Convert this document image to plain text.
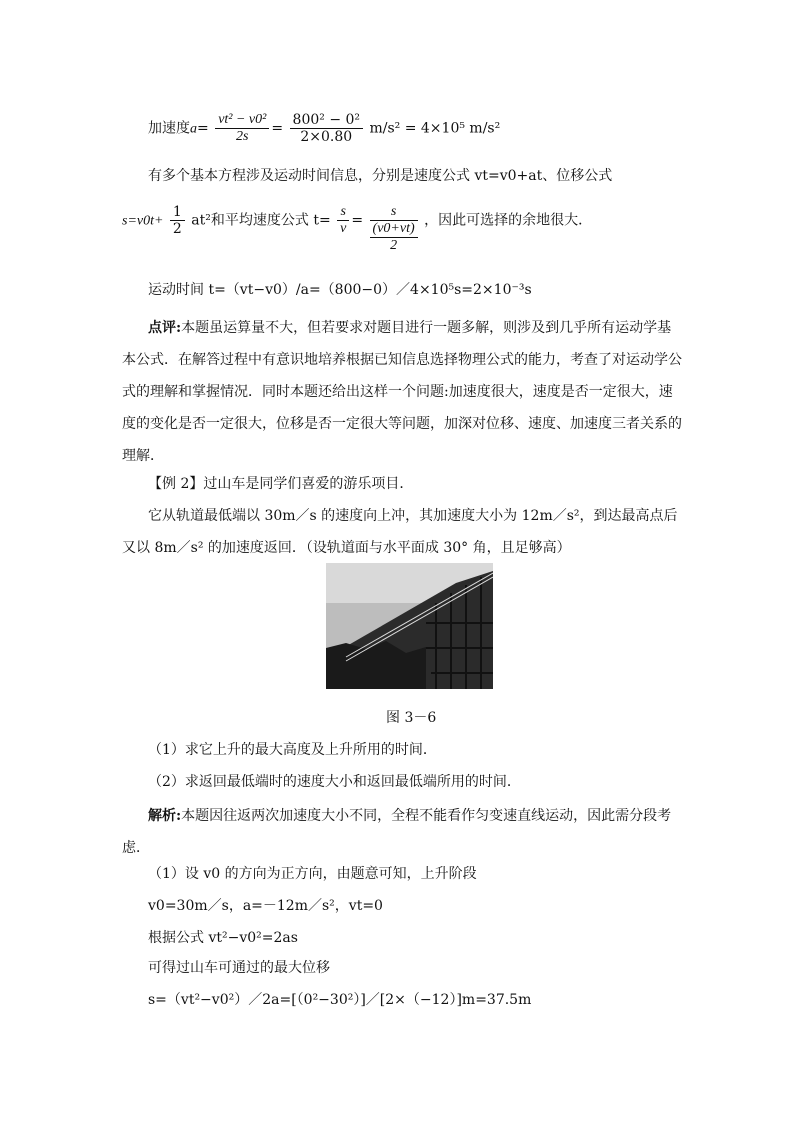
加速度$a= \frac{\text{vt² − v0²}}{2s} = \frac{\text{800² − 0²}}{2\times 0.80} m/s^2 = 4\times 10^5$ m/s²
有多个基本方程涉及运动时间信息，分别是速度公式 vt=v0+at、位移公式
$s=v0t+ \frac{1}{2} at^2$和平均速度公式 $t= \frac{s}{v}$ =
s
(v0+vt)
2
，因此可选择的余地很大．
运动时间 t=（vt−v0）/a=（800−0）／4×10⁵s=2×10⁻³s
点评:本题虽运算量不大，但若要求对题目进行一题多解，则涉及到几乎所有运动学基本公式．在解答过程中有意识地培养根据已知信息选择物理公式的能力，考查了对运动学公式的理解和掌握情况．同时本题还给出这样一个问题:加速度很大，速度是否一定很大，速度的变化是否一定很大，位移是否一定很大等问题，加深对位移、速度、加速度三者关系的理解．
【例 2】过山车是同学们喜爱的游乐项目．
它从轨道最低端以 30m／s 的速度向上冲，其加速度大小为 12m／s²，到达最高点后又以 8m／s² 的加速度返回．（设轨道面与水平面成 30° 角，且足够高）
图 3－6
（1）求它上升的最大高度及上升所用的时间．
（2）求返回最低端时的速度大小和返回最低端所用的时间．
解析:本题因往返两次加速度大小不同，全程不能看作匀变速直线运动，因此需分段考虑．
（1）设 v0 的方向为正方向，由题意可知，上升阶段
v0=30m／s，a=－12m／s²，vt=0
根据公式 vt²−v0²=2as
可得过山车可通过的最大位移
s=（vt²−v0²）／2a=[（0²−30²）]／[2×（−12）]m=37.5m
